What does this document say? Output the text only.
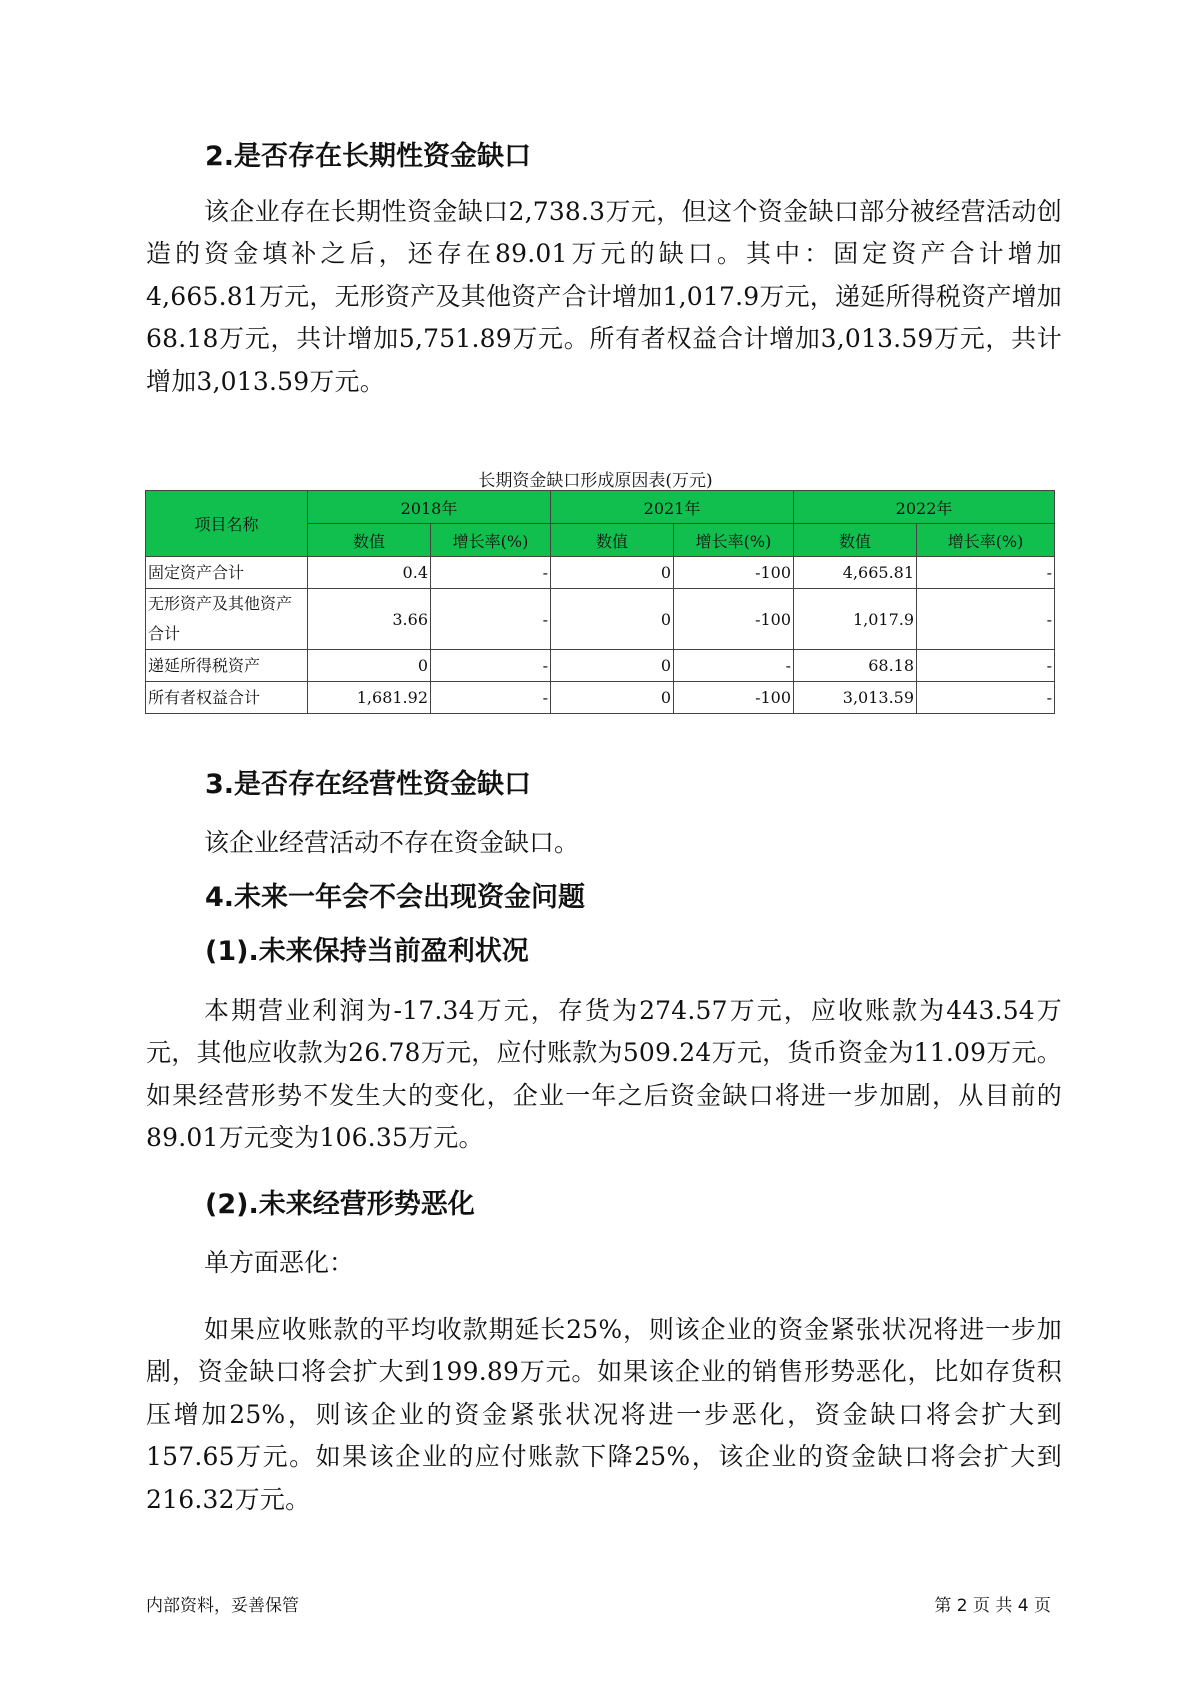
2.是否存在长期性资金缺口

该企业存在长期性资金缺口2,738.3万元，但这个资金缺口部分被经营活动创造的资金填补之后，还存在89.01万元的缺口。其中：固定资产合计增加4,665.81万元，无形资产及其他资产合计增加1,017.9万元，递延所得税资产增加68.18万元，共计增加5,751.89万元。所有者权益合计增加3,013.59万元，共计增加3,013.59万元。

长期资金缺口形成原因表(万元)

项目名称	2018年		2021年		2022年	
	数值	增长率(%)	数值	增长率(%)	数值	增长率(%)
固定资产合计	0.4	-	0	-100	4,665.81	-
无形资产及其他资产合计	3.66	-	0	-100	1,017.9	-
递延所得税资产	0	-	0	-	68.18	-
所有者权益合计	1,681.92	-	0	-100	3,013.59	-
3.是否存在经营性资金缺口

该企业经营活动不存在资金缺口。

4.未来一年会不会出现资金问题
(1).未来保持当前盈利状况

本期营业利润为-17.34万元，存货为274.57万元，应收账款为443.54万元，其他应收款为26.78万元，应付账款为509.24万元，货币资金为11.09万元。如果经营形势不发生大的变化，企业一年之后资金缺口将进一步加剧，从目前的89.01万元变为106.35万元。

(2).未来经营形势恶化

单方面恶化：

如果应收账款的平均收款期延长25%，则该企业的资金紧张状况将进一步加剧，资金缺口将会扩大到199.89万元。如果该企业的销售形势恶化，比如存货积压增加25%，则该企业的资金紧张状况将进一步恶化，资金缺口将会扩大到157.65万元。如果该企业的应付账款下降25%，该企业的资金缺口将会扩大到216.32万元。

内部资料，妥善保管	第 2 页 共 4 页
